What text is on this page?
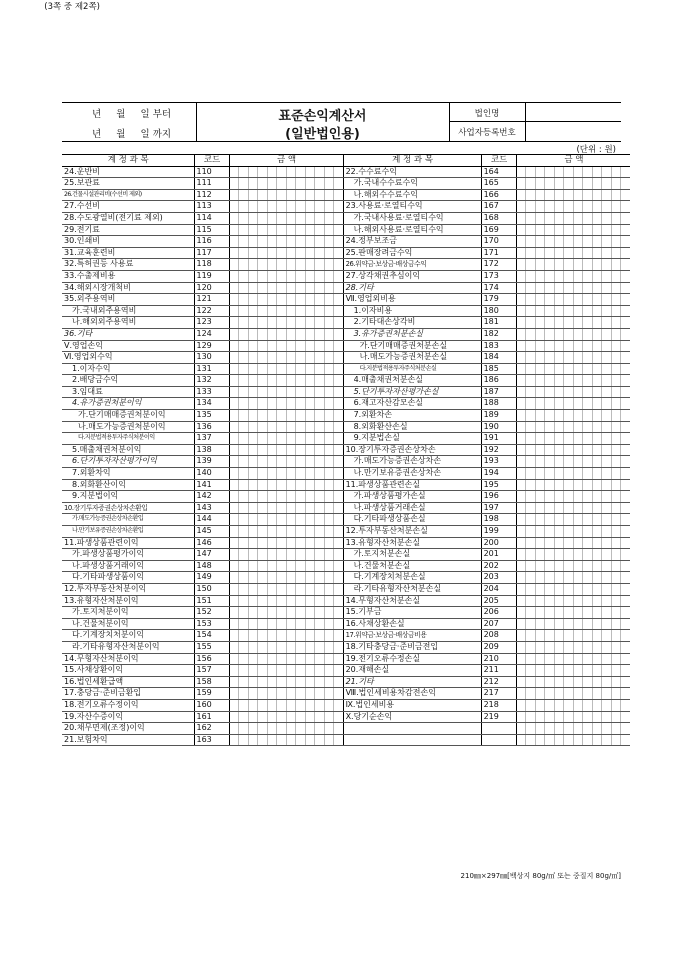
(3쪽 중 제2쪽)
년     월     일 부터
년     월     일 까지
표준손익계산서
(일반법인용)
법인명
사업자등록번호
(단위 : 원)
계 정 과 목	코드	금 액												계 정 과 목	코드	금 액											
24.운반비	110													22.수수료수익	164												
25.보관료	111													가.국내수수료수익	165												
26.건물시설관리비(수선비 제외)	112													나.해외수수료수익	166												
27.수선비	113													23.사용료·로열티수익	167												
28.수도광열비(전기료 제외)	114													가.국내사용료·로열티수익	168												
29.전기료	115													나.해외사용료·로열티수익	169												
30.인쇄비	116													24.정부보조금	170												
31.교육훈련비	117													25.판매장려금수익	171												
32.특허권등 사용료	118													26.위약금·보상금·배상금수익	172												
33.수출제비용	119													27.상각채권추심이익	173												
34.해외시장개척비	120													28.기타	174												
35.외주용역비	121													Ⅶ.영업외비용	179												
가.국내외주용역비	122													1.이자비용	180												
나.해외외주용역비	123													2.기타대손상각비	181												
36.기타	124													3.유가증권처분손실	182												
Ⅴ.영업손익	129													가.단기매매증권처분손실	183												
Ⅵ.영업외수익	130													나.매도가능증권처분손실	184												
1.이자수익	131													다.지분법적용투자주식처분손실	185												
2.배당금수익	132													4.매출채권처분손실	186												
3.임대료	133													5.단기투자자산평가손실	187												
4.유가증권처분이익	134													6.재고자산감모손실	188												
가.단기매매증권처분이익	135													7.외환차손	189												
나.매도가능증권처분이익	136													8.외화환산손실	190												
다.지분법적용투자주식처분이익	137													9.지분법손실	191												
5.매출채권처분이익	138													10.장기투자증권손상차손	192												
6.단기투자자산평가이익	139													가.매도가능증권손상차손	193												
7.외환차익	140													나.만기보유증권손상차손	194												
8.외화환산이익	141													11.파생상품관련손실	195												
9.지분법이익	142													가.파생상품평가손실	196												
10.장기투자증권손상차손환입	143													나.파생상품거래손실	197												
가.매도가능증권손상차손환입	144													다.기타파생상품손실	198												
나.만기보유증권손상차손환입	145													12.투자부동산처분손실	199												
11.파생상품관련이익	146													13.유형자산처분손실	200												
가.파생상품평가이익	147													가.토지처분손실	201												
나.파생상품거래이익	148													나.건물처분손실	202												
다.기타파생상품이익	149													다.기계장치처분손실	203												
12.투자부동산처분이익	150													라.기타유형자산처분손실	204												
13.유형자산처분이익	151													14.무형자산처분손실	205												
가.토지처분이익	152													15.기부금	206												
나.건물처분이익	153													16.사채상환손실	207												
다.기계장치처분이익	154													17.위약금·보상금·배상금비용	208												
라.기타유형자산처분이익	155													18.기타충당금·준비금전입	209												
14.무형자산처분이익	156													19.전기오류수정손실	210												
15.사채상환이익	157													20.재해손실	211												
16.법인세환급액	158													21.기타	212												
17.충당금·준비금환입	159													Ⅷ.법인세비용차감전손익	217												
18.전기오류수정이익	160													Ⅸ.법인세비용	218												
19.자산수증이익	161													Ⅹ.당기순손익	219												
20.채무면제(조정)이익	162																										
21.보험차익	163																										
210㎜×297㎜[백상지 80g/㎡ 또는 중질지 80g/㎡]
